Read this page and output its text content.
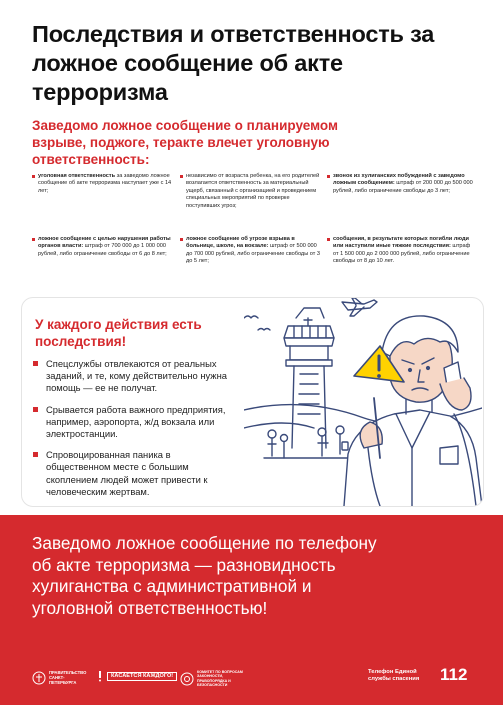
Последствия и ответственность за ложное сообщение об акте терроризма

Заведомо ложное сообщение о планируемом взрыве, поджоге, теракте влечет уголовную ответственность:

уголовная ответственность за заведомо ложное сообщение об акте терроризма наступает уже с 14 лет;
независимо от возраста ребенка, на его родителей возлагается ответственность за материальный ущерб, связанный с организацией и проведением специальных мероприятий по проверке поступивших угроз;
звонок из хулиганских побуждений с заведомо ложным сообщением: штраф от 200 000 до 500 000 рублей, либо ограничение свободы до 3 лет;
ложное сообщение с целью нарушения работы органов власти: штраф от 700 000 до 1 000 000 рублей, либо ограничение свободы от 6 до 8 лет;
ложное сообщение об угрозе взрыва в больнице, школе, на вокзале: штраф от 500 000 до 700 000 рублей, либо ограничение свободы от 3 до 5 лет;
сообщения, в результате которых погибли люди или наступили иные тяжкие последствия: штраф от 1 500 000 до 2 000 000 рублей, либо ограничение свободы от 8 до 10 лет.
У каждого действия есть последствия!
Спецслужбы отвлекаются от реальных заданий, и те, кому действительно нужна помощь — ее не получат.
Срывается работа важного предприятия, например, аэропорта, ж/д вокзала или электростанции.
Спровоцированная паника в общественном месте с большим скоплением людей может привести к человеческим жертвам.

Заведомо ложное сообщение по телефону об акте терроризма — разновидность хулиганства с административной и уголовной ответственностью!

ПРАВИТЕЛЬСТВО САНКТ-ПЕТЕРБУРГА
КАСАЕТСЯ КАЖДОГО!
КОМИТЕТ ПО ВОПРОСАМ ЗАКОННОСТИ, ПРАВОПОРЯДКА И БЕЗОПАСНОСТИ
Телефон Единой службы спасения	112
